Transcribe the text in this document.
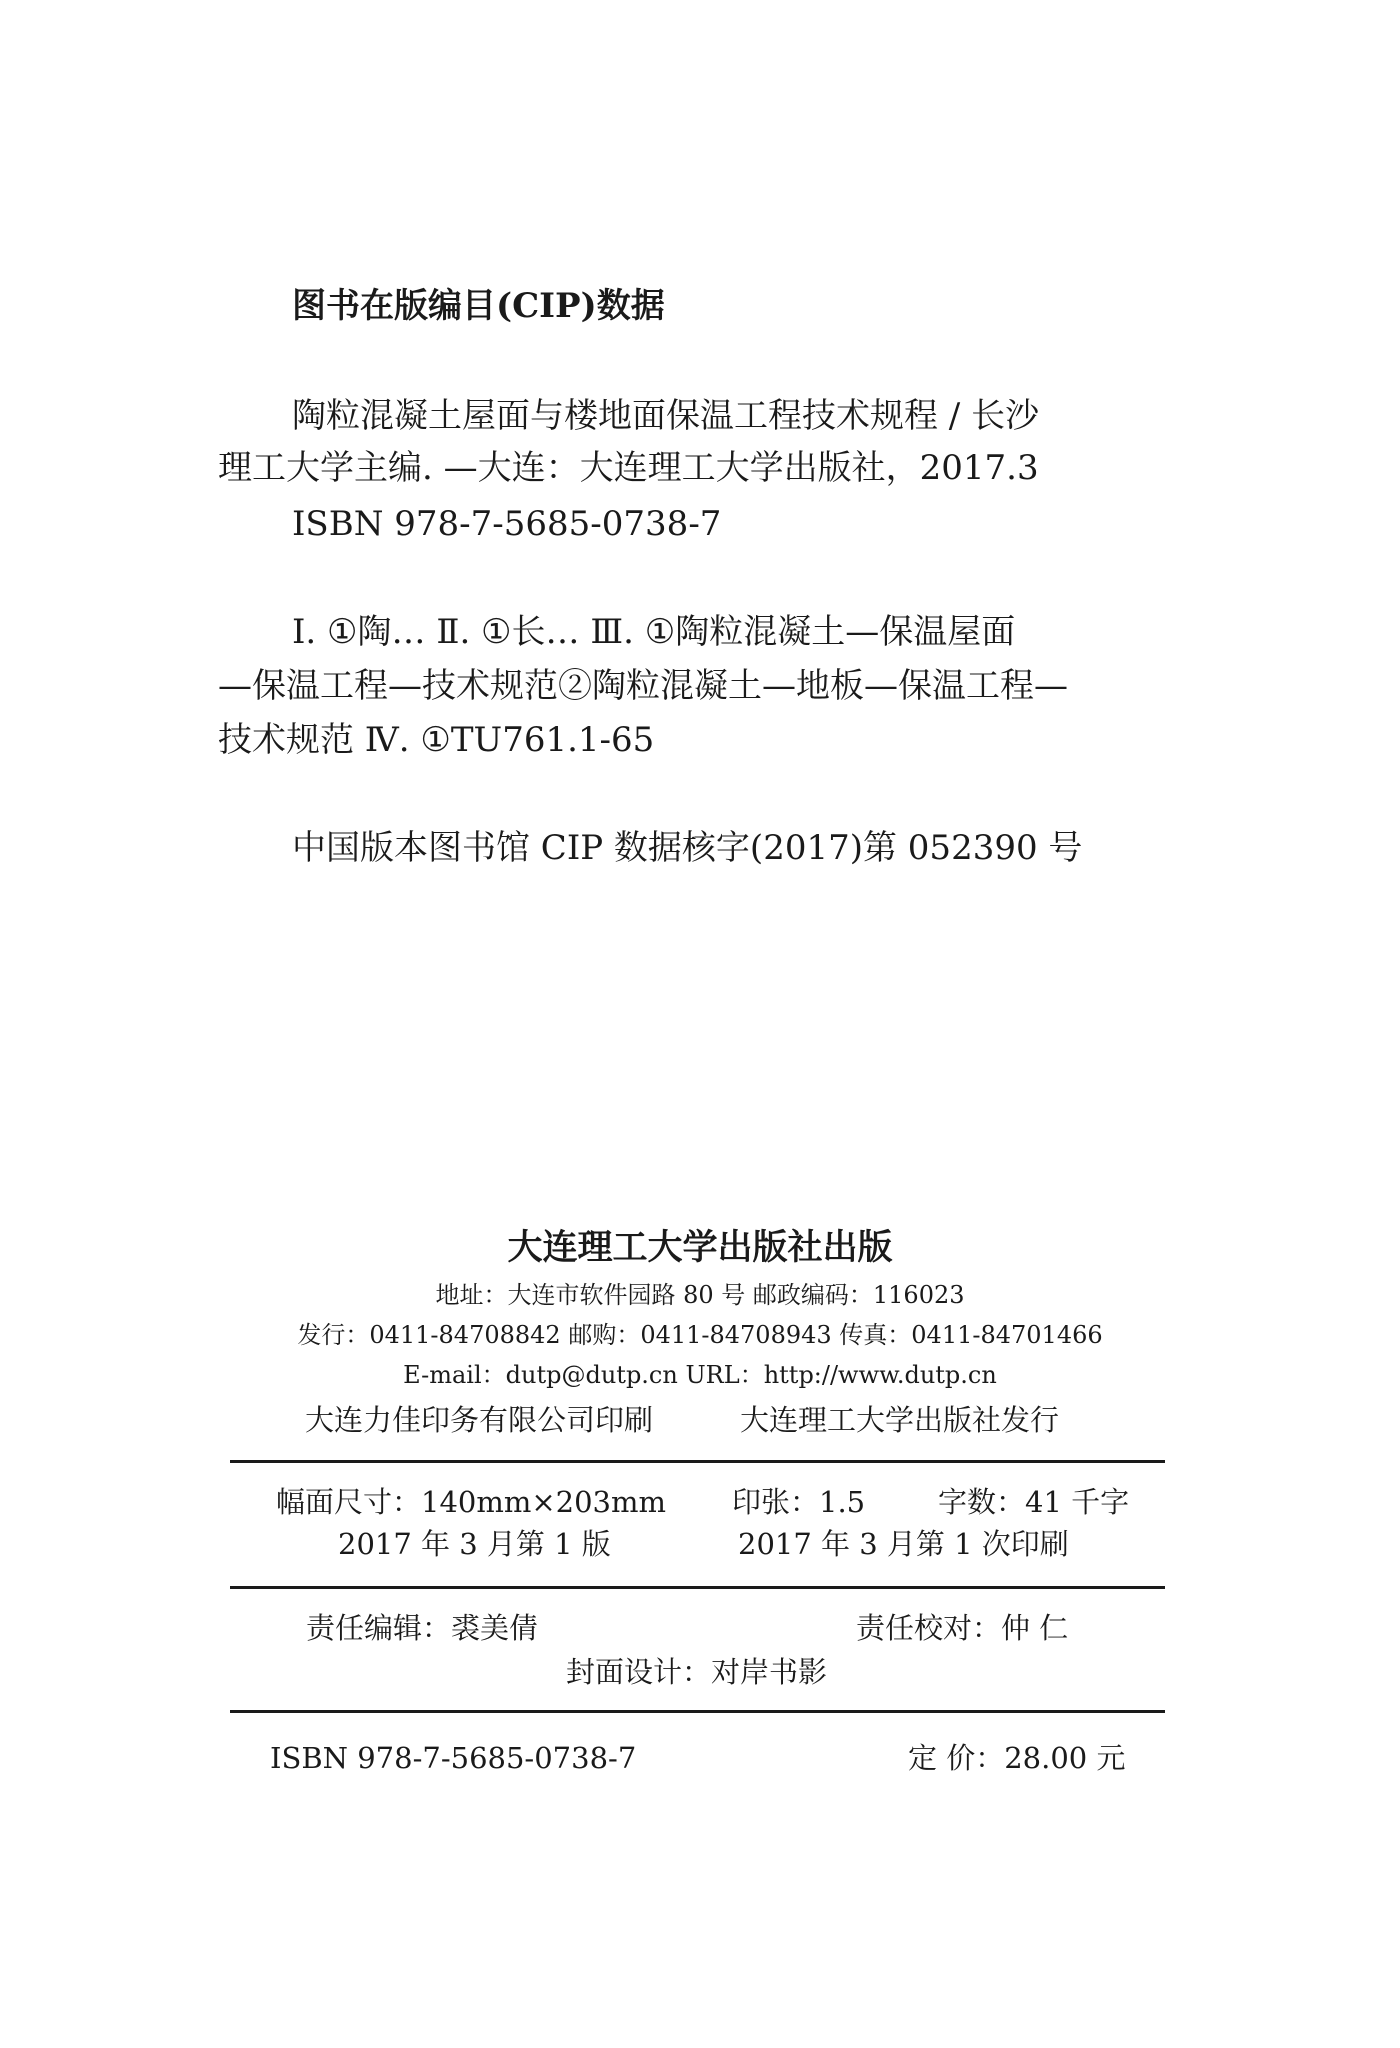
图书在版编目(CIP)数据
陶粒混凝土屋面与楼地面保温工程技术规程 / 长沙
理工大学主编. —大连：大连理工大学出版社，2017.3
ISBN 978-7-5685-0738-7
Ⅰ. ①陶… Ⅱ. ①长… Ⅲ. ①陶粒混凝土—保温屋面
—保温工程—技术规范②陶粒混凝土—地板—保温工程—
技术规范 Ⅳ. ①TU761.1-65
中国版本图书馆 CIP 数据核字(2017)第 052390 号
大连理工大学出版社出版
地址：大连市软件园路 80 号 邮政编码：116023
发行：0411-84708842 邮购：0411-84708943 传真：0411-84701466
E-mail：dutp@dutp.cn URL：http://www.dutp.cn
大连力佳印务有限公司印刷	大连理工大学出版社发行
幅面尺寸：140mm×203mm 印张：1.5	字数：41 千字
2017 年 3 月第 1 版	2017 年 3 月第 1 次印刷
责任编辑：裘美倩	责任校对：仲 仁
封面设计：对岸书影
ISBN 978-7-5685-0738-7	定 价：28.00 元
